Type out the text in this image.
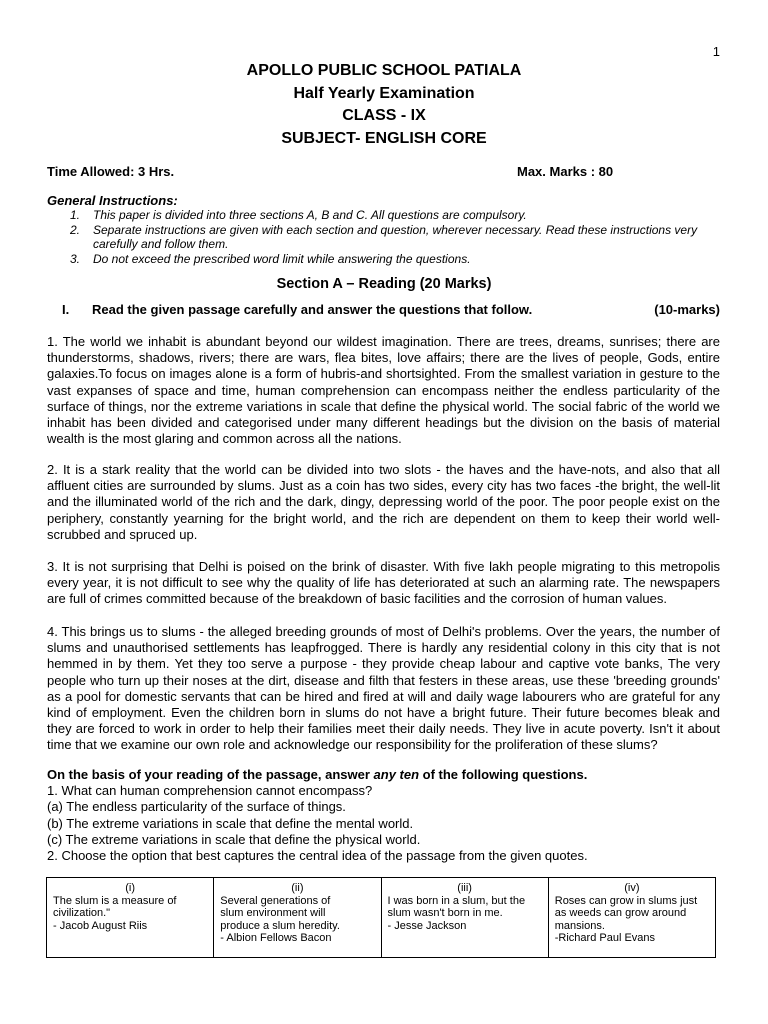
1
APOLLO PUBLIC SCHOOL PATIALA
Half Yearly Examination
CLASS - IX
SUBJECT- ENGLISH CORE
Time Allowed: 3 Hrs.	Max. Marks : 80
General Instructions:
1.	This paper is divided into three sections A, B and C. All questions are compulsory.
2.	Separate instructions are given with each section and question, wherever necessary. Read these instructions very carefully and follow them.
3.	Do not exceed the prescribed word limit while answering the questions.
Section A – Reading (20 Marks)
I.	Read the given passage carefully and answer the questions that follow.	(10-marks)
1. The world we inhabit is abundant beyond our wildest imagination. There are trees, dreams, sunrises; there are thunderstorms, shadows, rivers; there are wars, flea bites, love affairs; there are the lives of people, Gods, entire galaxies.To focus on images alone is a form of hubris-and shortsighted. From the smallest variation in gesture to the vast expanses of space and time, human comprehension can encompass neither the endless particularity of the surface of things, nor the extreme variations in scale that define the physical world. The social fabric of the world we inhabit has been divided and categorised under many different headings but the division on the basis of material wealth is the most glaring and common across all the nations.
2. It is a stark reality that the world can be divided into two slots - the haves and the have-nots, and also that all affluent cities are surrounded by slums. Just as a coin has two sides, every city has two faces -the bright, the well-lit and the illuminated world of the rich and the dark, dingy, depressing world of the poor. The poor people exist on the periphery, constantly yearning for the bright world, and the rich are dependent on them to keep their world well-scrubbed and spruced up.
3. It is not surprising that Delhi is poised on the brink of disaster. With five lakh people migrating to this metropolis every year, it is not difficult to see why the quality of life has deteriorated at such an alarming rate. The newspapers are full of crimes committed because of the breakdown of basic facilities and the corrosion of human values.
4. This brings us to slums - the alleged breeding grounds of most of Delhi's problems. Over the years, the number of slums and unauthorised settlements has leapfrogged. There is hardly any residential colony in this city that is not hemmed in by them. Yet they too serve a purpose - they provide cheap labour and captive vote banks, The very people who turn up their noses at the dirt, disease and filth that festers in these areas, use these 'breeding grounds' as a pool for domestic servants that can be hired and fired at will and daily wage labourers who are grateful for any kind of employment. Even the children born in slums do not have a bright future. Their future becomes bleak and they are forced to work in order to help their families meet their daily needs. They live in acute poverty. Isn't it about time that we examine our own role and acknowledge our responsibility for the proliferation of these slums?
On the basis of your reading of the passage, answer any ten of the following questions.
1. What can human comprehension cannot encompass?
(a) The endless particularity of the surface of things.
(b) The extreme variations in scale that define the mental world.
(c) The extreme variations in scale that define the physical world.
2. Choose the option that best captures the central idea of the passage from the given quotes.
(i)
The slum is a measure of
civilization."
- Jacob August Riis

(ii)
Several generations of
slum environment will
produce a slum heredity.
- Albion Fellows Bacon

(iii)
I was born in a slum, but the
slum wasn't born in me.
- Jesse Jackson

(iv)
Roses can grow in slums just
as weeds can grow around
mansions.
-Richard Paul Evans
